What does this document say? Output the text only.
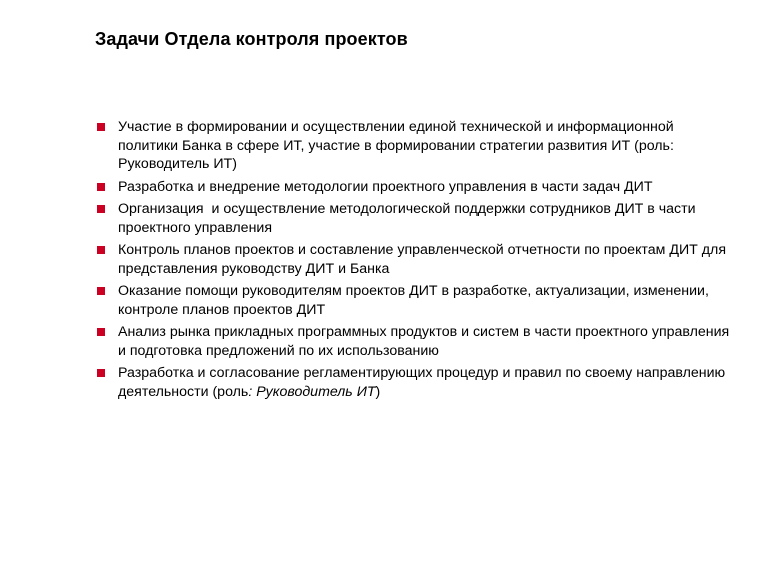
Задачи Отдела контроля проектов
Участие в формировании и осуществлении единой технической и информационной политики Банка в сфере ИТ, участие в формировании стратегии развития ИТ (роль: Руководитель ИТ)
Разработка и внедрение методологии проектного управления в части задач ДИТ
Организация  и осуществление методологической поддержки сотрудников ДИТ в части проектного управления
Контроль планов проектов и составление управленческой отчетности по проектам ДИТ для представления руководству ДИТ и Банка
Оказание помощи руководителям проектов ДИТ в разработке, актуализации, изменении, контроле планов проектов ДИТ
Анализ рынка прикладных программных продуктов и систем в части проектного управления и подготовка предложений по их использованию
Разработка и согласование регламентирующих процедур и правил по своему направлению деятельности (роль: Руководитель ИТ)
